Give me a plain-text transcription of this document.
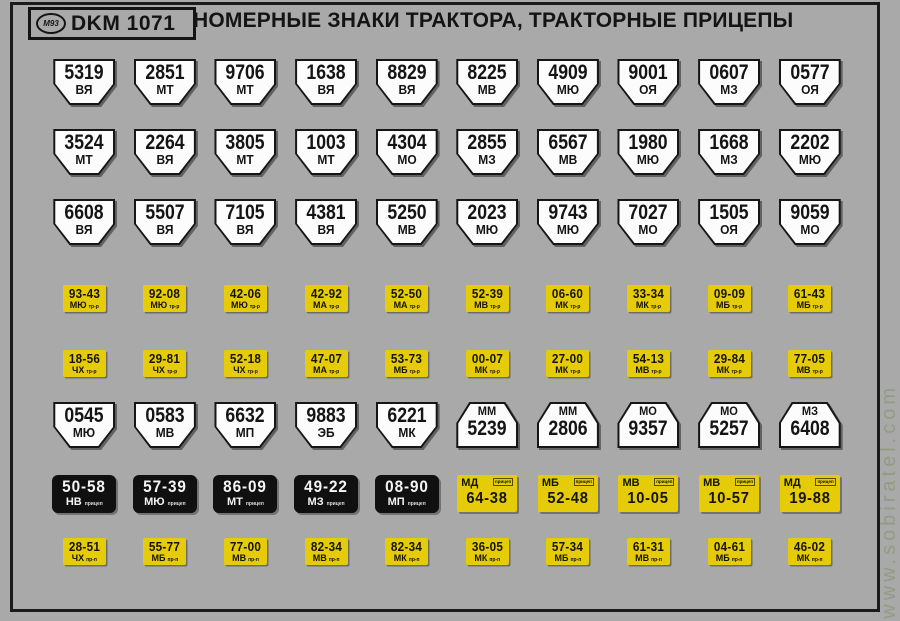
М93 DKM 1071 НОМЕРНЫЕ ЗНАКИ ТРАКТОРА, ТРАКТОРНЫЕ ПРИЦЕПЫ
5319
ВЯ
2851
МТ
9706
МТ
1638
ВЯ
8829
ВЯ
8225
МВ
4909
МЮ
9001
ОЯ
0607
МЗ
0577
ОЯ
3524
МТ
2264
ВЯ
3805
МТ
1003
МТ
4304
МО
2855
МЗ
6567
МВ
1980
МЮ
1668
МЗ
2202
МЮ
6608
ВЯ
5507
ВЯ
7105
ВЯ
4381
ВЯ
5250
МВ
2023
МЮ
9743
МЮ
7027
МО
1505
ОЯ
9059
МО
93-43
МЮ тр-р
92-08
МЮ тр-р
42-06
МЮ тр-р
42-92
МА тр-р
52-50
МА тр-р
52-39
МВ тр-р
06-60
МК тр-р
33-34
МК тр-р
09-09
МБ тр-р
61-43
МБ тр-р
18-56
ЧХ тр-р
29-81
ЧХ тр-р
52-18
ЧХ тр-р
47-07
МА тр-р
53-73
МБ тр-р
00-07
МК тр-р
27-00
МК тр-р
54-13
МВ тр-р
29-84
МК тр-р
77-05
МВ тр-р
0545
МЮ
0583
МВ
6632
МП
9883
ЭБ
6221
МК
ММ
5239
ММ
2806
МО
9357
МО
5257
МЗ
6408
50-58
НВ прицеп
57-39
МЮ прицеп
86-09
МТ прицеп
49-22
МЗ прицеп
08-90
МП прицеп
МД	прицеп
64-38
МБ	прицеп
52-48
МВ	прицеп
10-05
МВ	прицеп
10-57
МД	прицеп
19-88
28-51
ЧХ пр-п
55-77
МБ пр-п
77-00
МВ пр-п
82-34
МВ пр-п
82-34
МК пр-п
36-05
МК пр-п
57-34
МБ пр-п
61-31
МВ пр-п
04-61
МБ пр-п
46-02
МК пр-п	www.sobiratel.com
